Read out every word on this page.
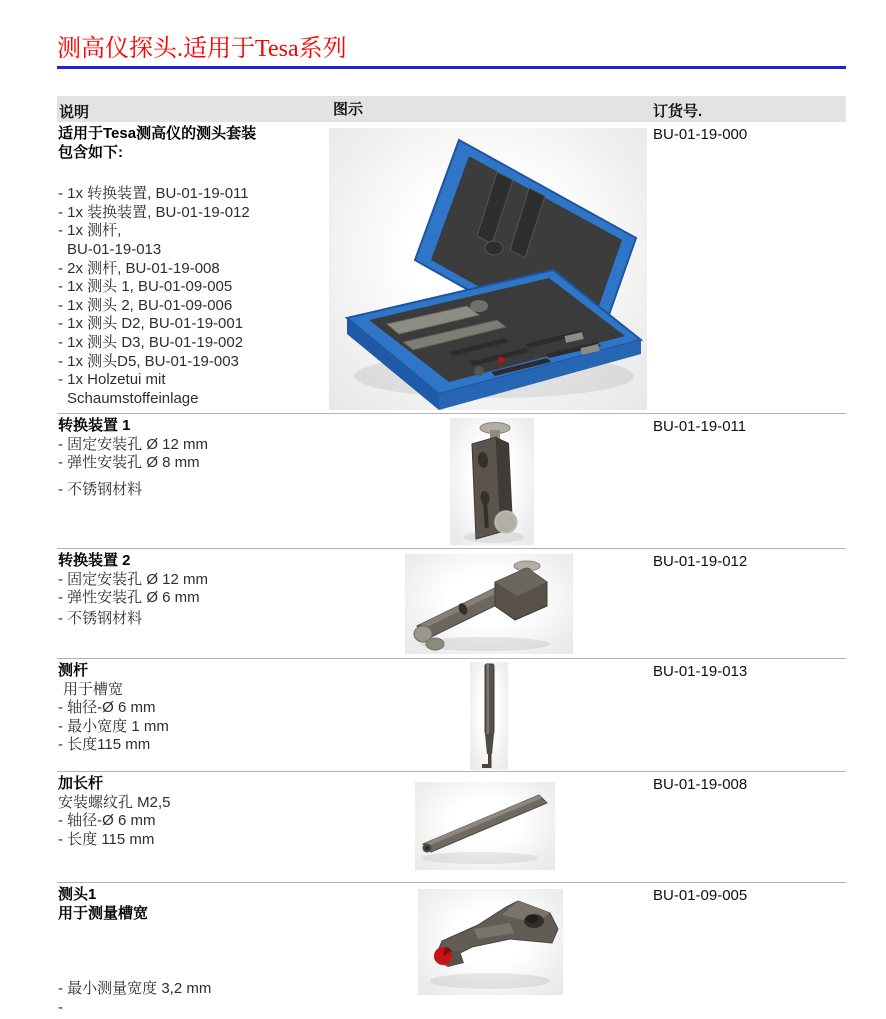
测高仪探头.适用于Tesa系列
说明	图示	订货号.
适用于Tesa测高仪的测头套装
包含如下:
- 1x 转换装置, BU-01-19-011
- 1x 装换装置, BU-01-19-012
- 1x 测杆,
BU-01-19-013
- 2x 测杆, BU-01-19-008
- 1x 测头 1, BU-01-09-005
- 1x 测头 2, BU-01-09-006
- 1x 测头 D2, BU-01-19-001
- 1x 测头 D3, BU-01-19-002
- 1x 测头D5, BU-01-19-003
- 1x Holzetui mit
Schaumstoffeinlage
BU-01-19-000
转换装置 1
- 固定安装孔 Ø 12 mm
- 弹性安装孔 Ø 8 mm
- 不锈钢材料
BU-01-19-011
转换装置 2
- 固定安装孔 Ø 12 mm
- 弹性安装孔 Ø 6 mm
- 不锈钢材料
BU-01-19-012
测杆
用于槽宽
- 轴径-Ø 6 mm
- 最小宽度 1 mm
- 长度115 mm
BU-01-19-013
加长杆
安装螺纹孔 M2,5
- 轴径-Ø 6 mm
- 长度 115 mm
BU-01-19-008
测头1
用于测量槽宽
- 最小测量宽度 3,2 mm
-
BU-01-09-005
